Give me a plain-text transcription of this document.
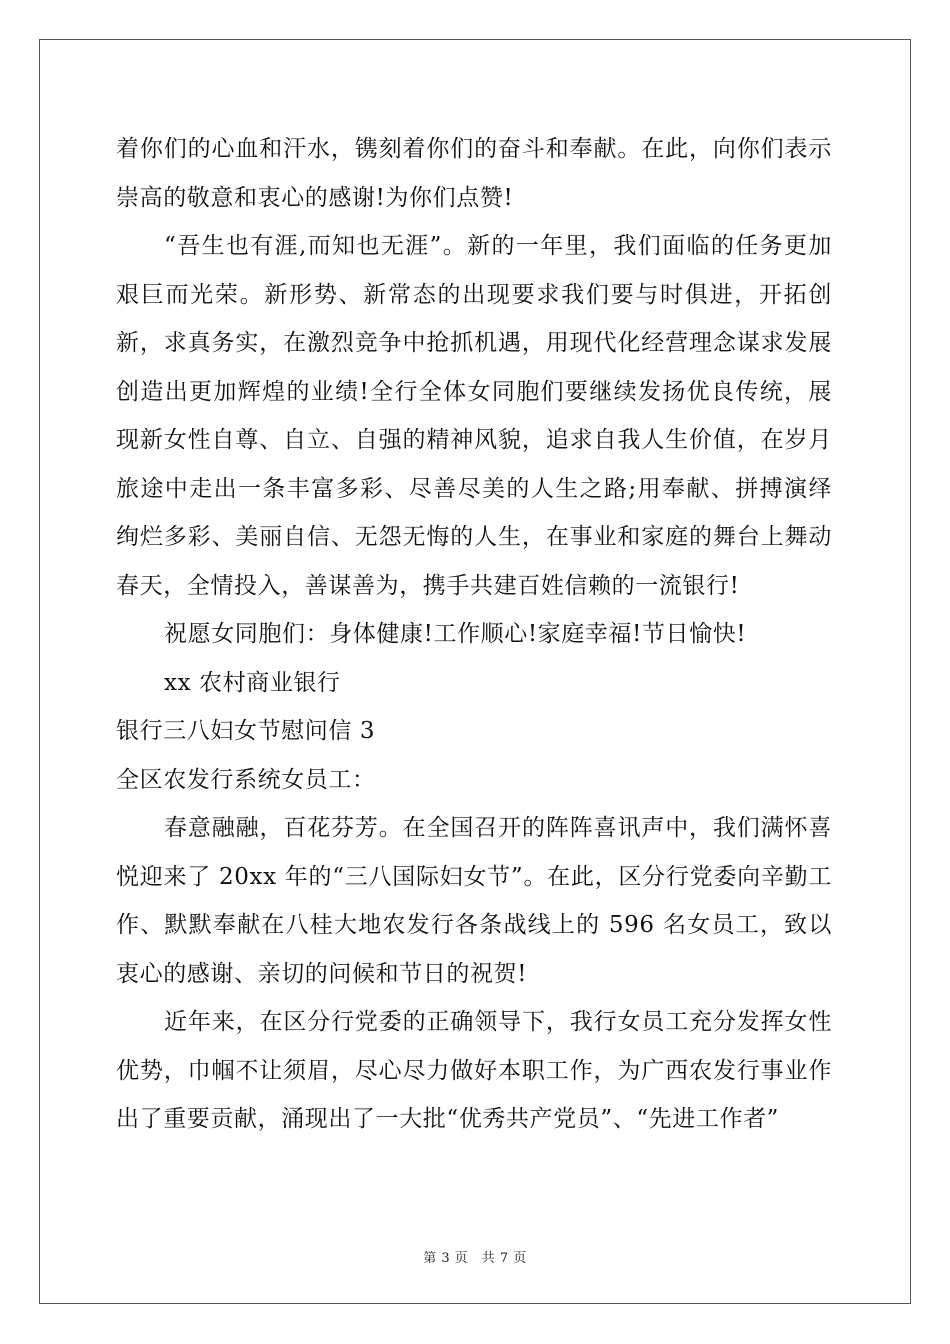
着你们的心血和汗水，镌刻着你们的奋斗和奉献。在此，向你们表示崇高的敬意和衷心的感谢!为你们点赞!

“吾生也有涯,而知也无涯”。新的一年里，我们面临的任务更加艰巨而光荣。新形势、新常态的出现要求我们要与时俱进，开拓创新，求真务实，在激烈竞争中抢抓机遇，用现代化经营理念谋求发展创造出更加辉煌的业绩!全行全体女同胞们要继续发扬优良传统，展现新女性自尊、自立、自强的精神风貌，追求自我人生价值，在岁月旅途中走出一条丰富多彩、尽善尽美的人生之路;用奉献、拼搏演绎绚烂多彩、美丽自信、无怨无悔的人生，在事业和家庭的舞台上舞动春天，全情投入，善谋善为，携手共建百姓信赖的一流银行!

祝愿女同胞们：身体健康!工作顺心!家庭幸福!节日愉快!

xx 农村商业银行

银行三八妇女节慰问信 3

全区农发行系统女员工：

春意融融，百花芬芳。在全国召开的阵阵喜讯声中，我们满怀喜悦迎来了 20xx 年的“三八国际妇女节”。在此，区分行党委向辛勤工作、默默奉献在八桂大地农发行各条战线上的 596 名女员工，致以衷心的感谢、亲切的问候和节日的祝贺!

近年来，在区分行党委的正确领导下，我行女员工充分发挥女性优势，巾帼不让须眉，尽心尽力做好本职工作，为广西农发行事业作出了重要贡献，涌现出了一大批“优秀共产党员”、“先进工作者”

第 3 页　共 7 页
